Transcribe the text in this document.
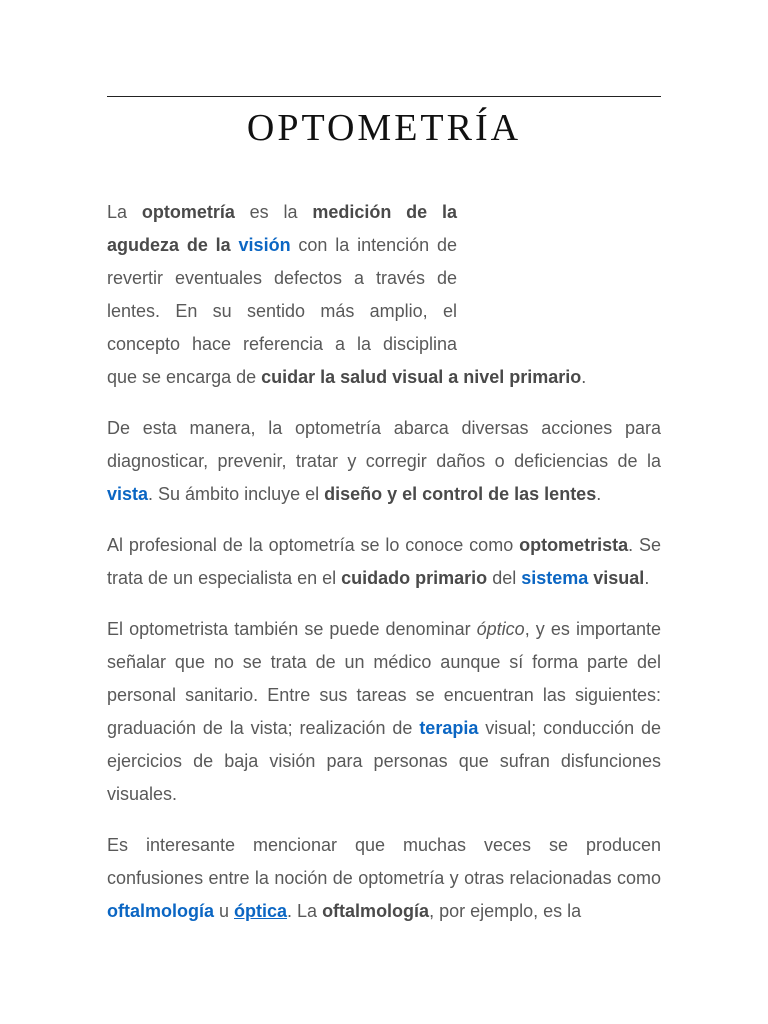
OPTOMETRÍA

La optometría es la medición de la agudeza de la visión con la intención de revertir eventuales defectos a través de lentes. En su sentido más amplio, el concepto hace referencia a la disciplina que se encarga de cuidar la salud visual a nivel primario.

De esta manera, la optometría abarca diversas acciones para diagnosticar, prevenir, tratar y corregir daños o deficiencias de la vista. Su ámbito incluye el diseño y el control de las lentes.

Al profesional de la optometría se lo conoce como optometrista. Se trata de un especialista en el cuidado primario del sistema visual.

El optometrista también se puede denominar óptico, y es importante señalar que no se trata de un médico aunque sí forma parte del personal sanitario. Entre sus tareas se encuentran las siguientes: graduación de la vista; realización de terapia visual; conducción de ejercicios de baja visión para personas que sufran disfunciones visuales.

Es interesante mencionar que muchas veces se producen confusiones entre la noción de optometría y otras relacionadas como oftalmología u óptica. La oftalmología, por ejemplo, es la
